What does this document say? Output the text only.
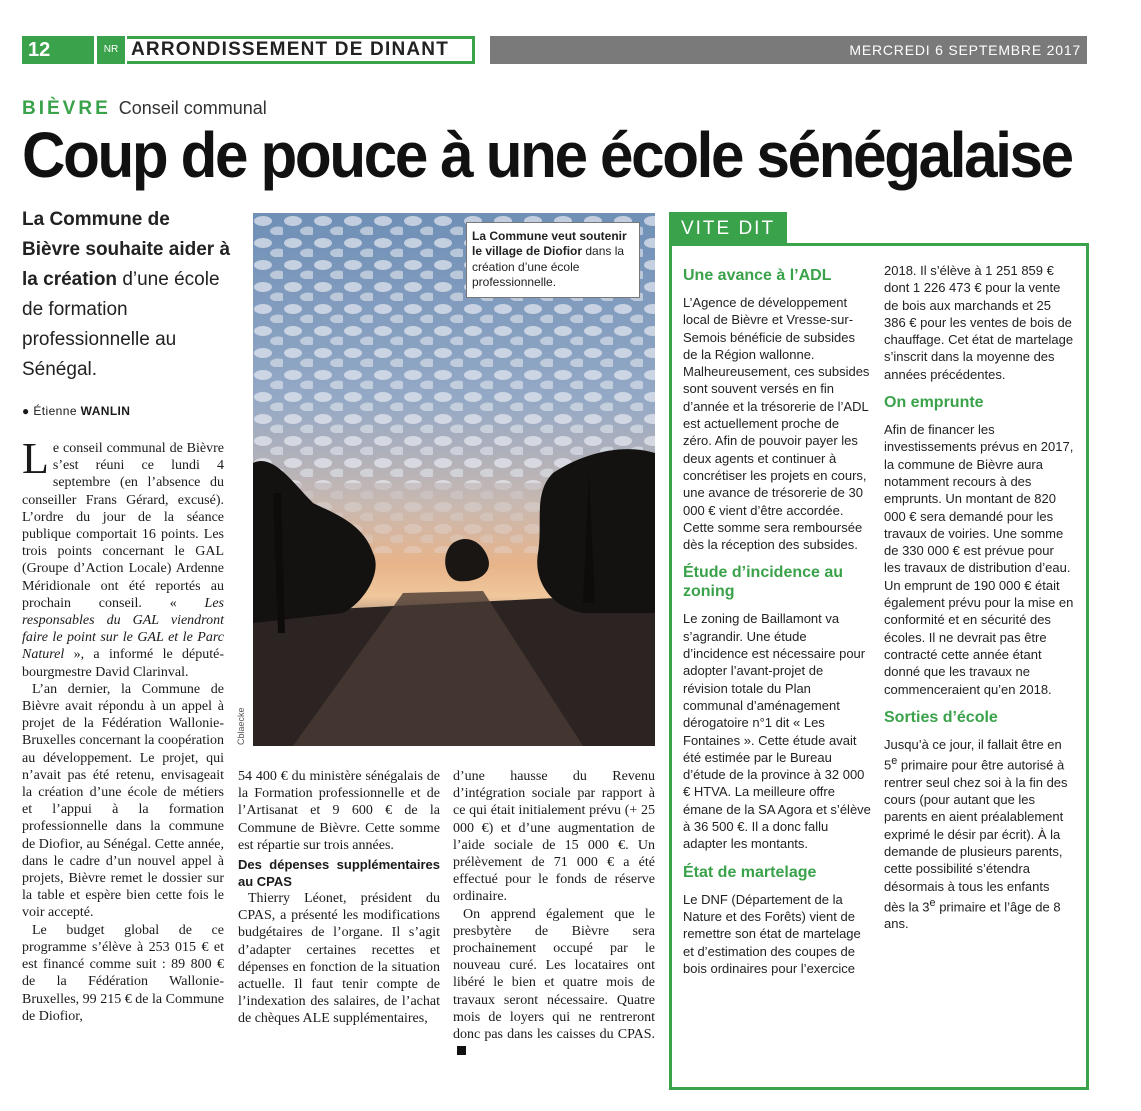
12	NR ARRONDISSEMENT DE DINANT	MERCREDI 6 SEPTEMBRE 2017
BIÈVRE Conseil communal
Coup de pouce à une école sénégalaise
La Commune de Bièvre souhaite aider à la création d’une école de formation professionnelle au Sénégal.
● Étienne WANLIN

Le conseil communal de Bièvre s’est réuni ce lundi 4 septembre (en l’absence du conseiller Frans Gérard, excusé). L’ordre du jour de la séance publique comportait 16 points. Les trois points concernant le GAL (Groupe d’Action Locale) Ardenne Méridionale ont été reportés au prochain conseil. « Les responsables du GAL viendront faire le point sur le GAL et le Parc Naturel », a informé le député-bourgmestre David Clarinval.

L’an dernier, la Commune de Bièvre avait répondu à un appel à projet de la Fédération Wallonie-Bruxelles concernant la coopération au développement. Le projet, qui n’avait pas été retenu, envisageait la création d’une école de métiers et l’appui à la formation professionnelle dans la commune de Diofior, au Sénégal. Cette année, dans le cadre d’un nouvel appel à projets, Bièvre remet le dossier sur la table et espère bien cette fois le voir accepté.

Le budget global de ce programme s’élève à 253 015 € et est financé comme suit : 89 800 € de la Fédération Wallonie-Bruxelles, 99 215 € de la Commune de Diofior,

La Commune veut soutenir le village de Diofior dans la création d’une école professionnelle.
Cblaecke

54 400 € du ministère sénégalais de la Formation professionnelle et de l’Artisanat et 9 600 € de la Commune de Bièvre. Cette somme est répartie sur trois années.

Des dépenses supplémentaires au CPAS

Thierry Léonet, président du CPAS, a présenté les modifications budgétaires de l’organe. Il s’agit d’adapter certaines recettes et dépenses en fonction de la situation actuelle. Il faut tenir compte de l’indexation des salaires, de l’achat de chèques ALE supplémentaires,

d’une hausse du Revenu d’intégration sociale par rapport à ce qui était initialement prévu (+ 25 000 €) et d’une augmentation de l’aide sociale de 15 000 €. Un prélèvement de 71 000 € a été effectué pour le fonds de réserve ordinaire.

On apprend également que le presbytère de Bièvre sera prochainement occupé par le nouveau curé. Les locataires ont libéré le bien et quatre mois de travaux seront nécessaire. Quatre mois de loyers qui ne rentreront donc pas dans les caisses du CPAS.

VITE DIT
Une avance à l’ADL

L’Agence de développement local de Bièvre et Vresse-sur-Semois bénéficie de subsides de la Région wallonne. Malheureusement, ces subsides sont souvent versés en fin d’année et la trésorerie de l’ADL est actuellement proche de zéro. Afin de pouvoir payer les deux agents et continuer à concrétiser les projets en cours, une avance de trésorerie de 30 000 € vient d’être accordée. Cette somme sera remboursée dès la réception des subsides.

Étude d’incidence au zoning

Le zoning de Baillamont va s’agrandir. Une étude d’incidence est nécessaire pour adopter l’avant-projet de révision totale du Plan communal d’aménagement dérogatoire n°1 dit « Les Fontaines ». Cette étude avait été estimée par le Bureau d’étude de la province à 32 000 € HTVA. La meilleure offre émane de la SA Agora et s’élève à 36 500 €. Il a donc fallu adapter les montants.

État de martelage

Le DNF (Département de la Nature et des Forêts) vient de remettre son état de martelage et d’estimation des coupes de bois ordinaires pour l’exercice

2018. Il s’élève à 1 251 859 € dont 1 226 473 € pour la vente de bois aux marchands et 25 386 € pour les ventes de bois de chauffage. Cet état de martelage s’inscrit dans la moyenne des années précédentes.

On emprunte

Afin de financer les investissements prévus en 2017, la commune de Bièvre aura notamment recours à des emprunts. Un montant de 820 000 € sera demandé pour les travaux de voiries. Une somme de 330 000 € est prévue pour les travaux de distribution d’eau. Un emprunt de 190 000 € était également prévu pour la mise en conformité et en sécurité des écoles. Il ne devrait pas être contracté cette année étant donné que les travaux ne commenceraient qu’en 2018.

Sorties d’école

Jusqu’à ce jour, il fallait être en 5e primaire pour être autorisé à rentrer seul chez soi à la fin des cours (pour autant que les parents en aient préalablement exprimé le désir par écrit). À la demande de plusieurs parents, cette possibilité s’étendra désormais à tous les enfants dès la 3e primaire et l’âge de 8 ans.
